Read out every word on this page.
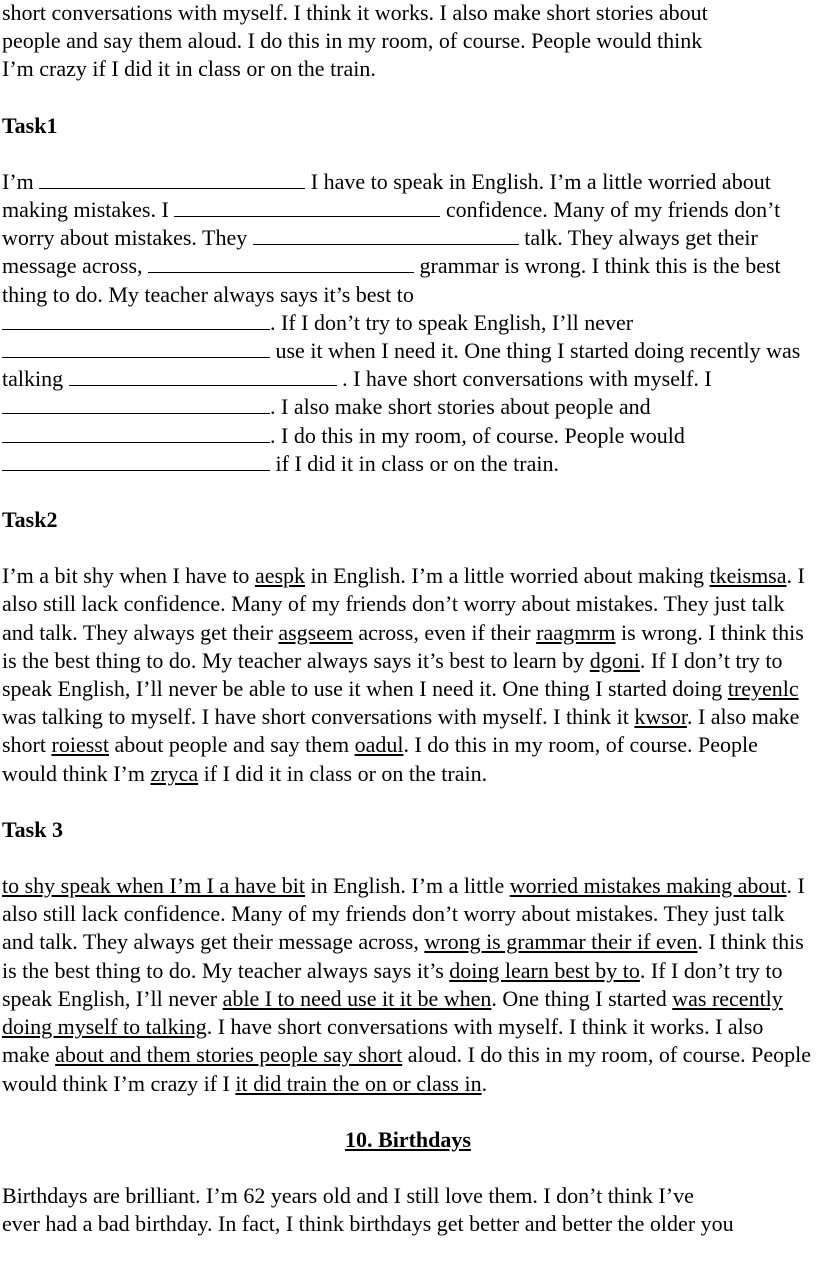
short conversations with myself. I think it works. I also make short stories about
people and say them aloud. I do this in my room, of course. People would think
I’m crazy if I did it in class or on the train.

Task1

I’m	I have to speak in English. I’m a little worried about making mistakes. I	confidence. Many of my friends don’t worry about mistakes. They	talk. They always get their message across,	grammar is wrong. I think this is the best thing to do. My teacher always says it’s best to
. If I don’t try to speak English, I’ll never
use it when I need it. One thing I started doing recently was talking	. I have short conversations with myself. I
. I also make short stories about people and
. I do this in my room, of course. People would
if I did it in class or on the train.

Task2

I’m a bit shy when I have to aespk in English. I’m a little worried about making tkeismsa. I also still lack confidence. Many of my friends don’t worry about mistakes. They just talk and talk. They always get their asgseem across, even if their raagmrm is wrong. I think this is the best thing to do. My teacher always says it’s best to learn by dgoni. If I don’t try to speak English, I’ll never be able to use it when I need it. One thing I started doing treyenlc was talking to myself. I have short conversations with myself. I think it kwsor. I also make short roiesst about people and say them oadul. I do this in my room, of course. People would think I’m zryca if I did it in class or on the train.

Task 3

to shy speak when I’m I a have bit in English. I’m a little worried mistakes making about. I also still lack confidence. Many of my friends don’t worry about mistakes. They just talk and talk. They always get their message across, wrong is grammar their if even. I think this is the best thing to do. My teacher always says it’s doing learn best by to. If I don’t try to speak English, I’ll never able I to need use it it be when. One thing I started was recently doing myself to talking. I have short conversations with myself. I think it works. I also make about and them stories people say short aloud. I do this in my room, of course. People would think I’m crazy if I it did train the on or class in.

10. Birthdays

Birthdays are brilliant. I’m 62 years old and I still love them. I don’t think I’ve
ever had a bad birthday. In fact, I think birthdays get better and better the older you
